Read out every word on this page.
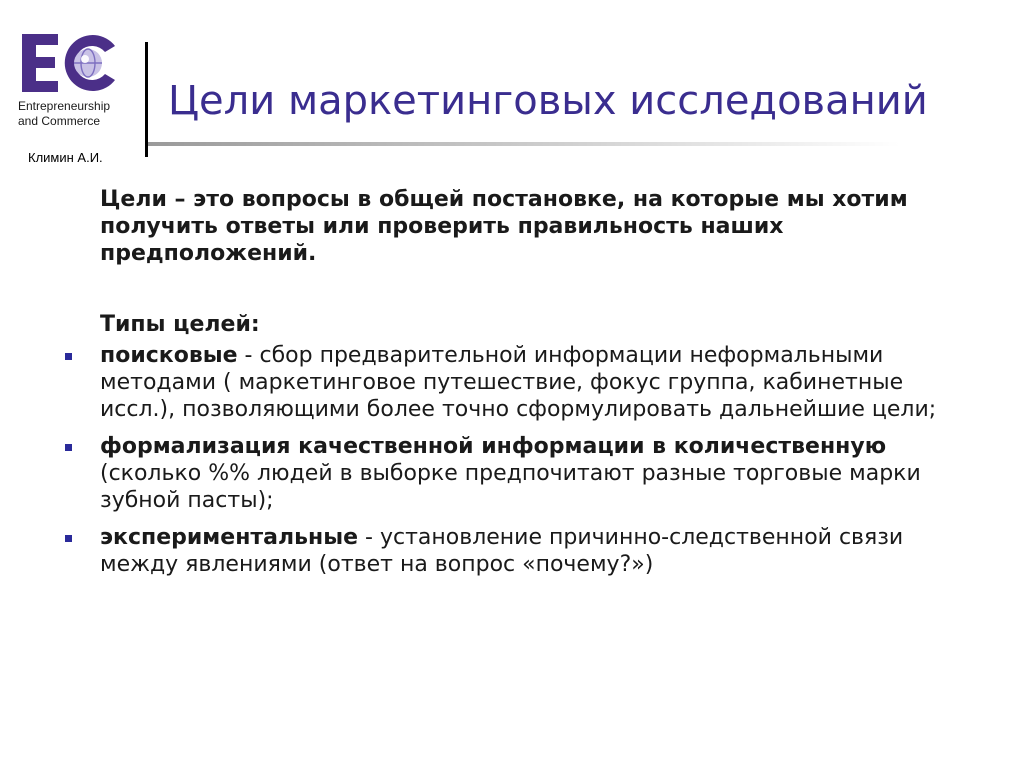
Entrepreneurship
and Commerce
Климин А.И.
Цели маркетинговых исследований
Цели – это вопросы в общей постановке, на которые мы хотим получить ответы или проверить правильность наших предположений.
Типы целей:
поисковые - сбор предварительной информации неформальными методами ( маркетинговое путешествие, фокус группа, кабинетные иссл.), позволяющими более точно сформулировать дальнейшие цели;
формализация качественной информации в количественную (сколько %% людей в выборке предпочитают разные торговые марки зубной пасты);
экспериментальные - установление причинно-следственной связи между явлениями (ответ на вопрос «почему?»)
